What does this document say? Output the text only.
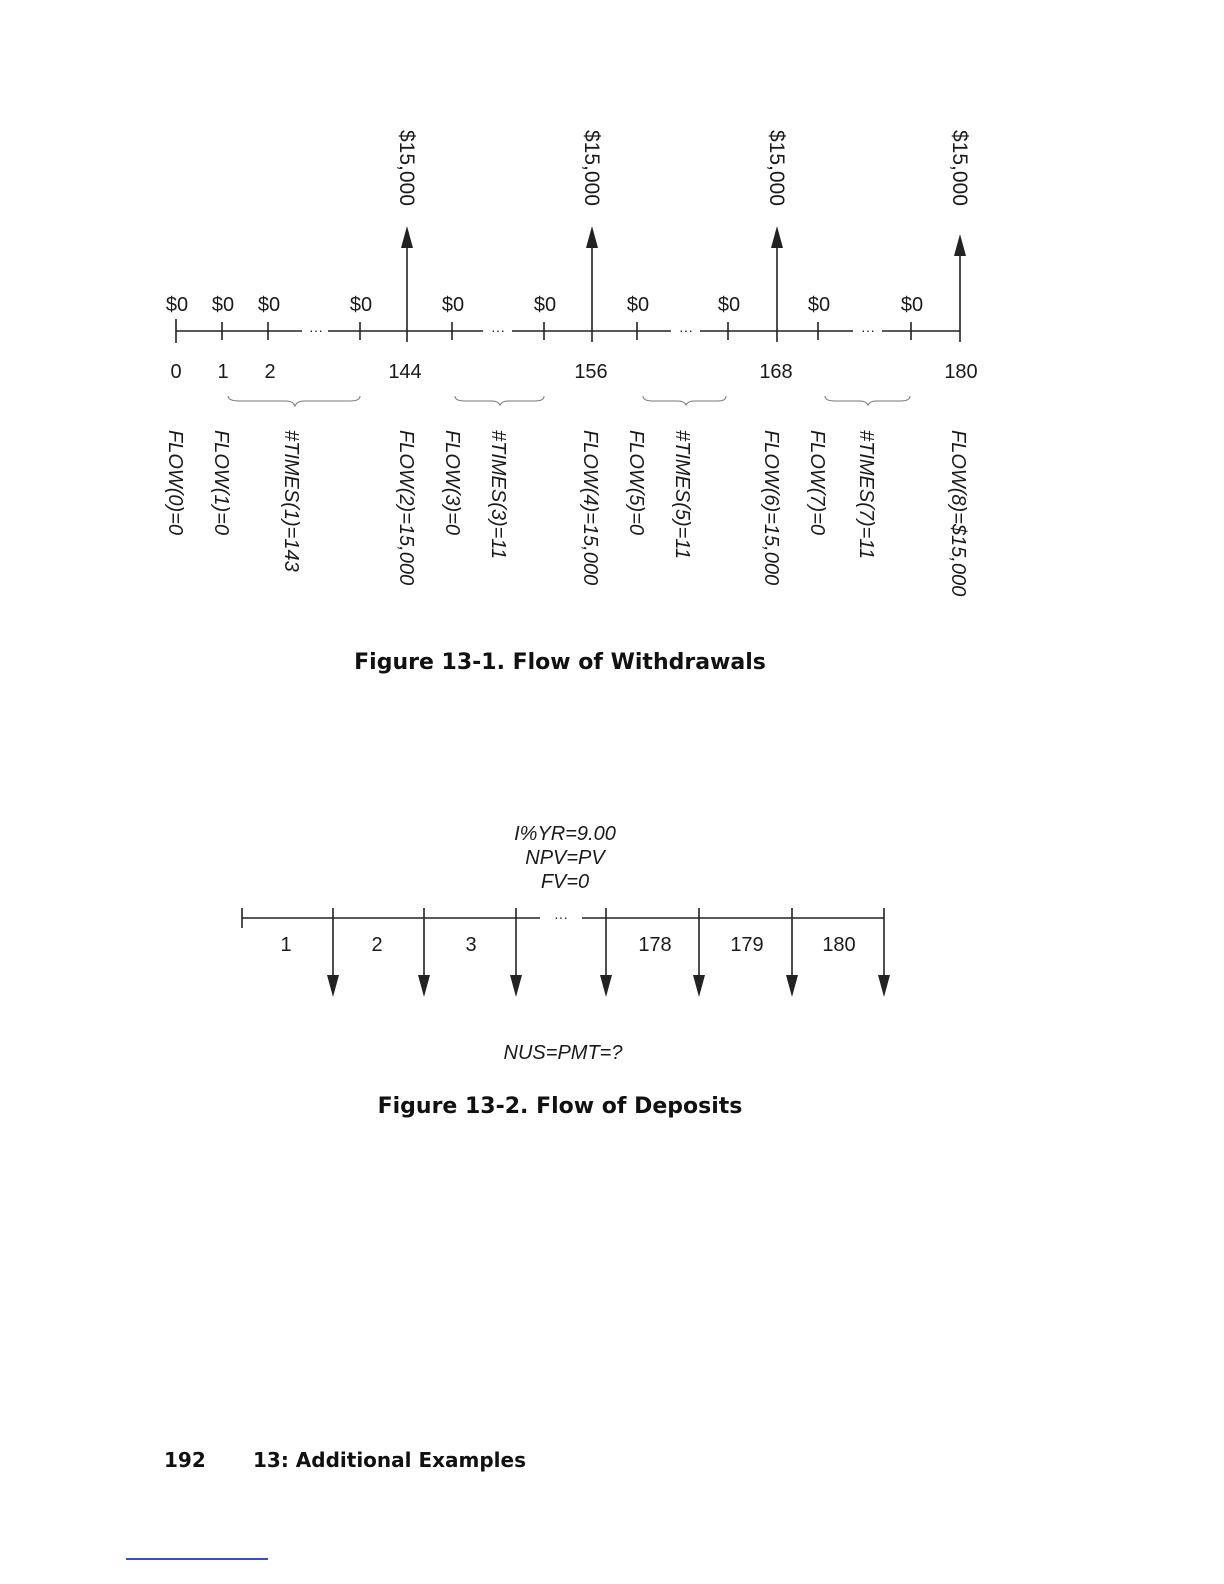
···	···	···	···
$0 $0 $0	$0	$0	$0	$0	$0	$0	$0
$15,000	$15,000	$15,000	$15,000
0 1 2	144	156	168	180
FLOW(0)=0 FLOW(1)=0 #TIMES(1)=143	FLOW(2)=15,000 FLOW(3)=0 #TIMES(3)=11	FLOW(4)=15,000 FLOW(5)=0 #TIMES(5)=11	FLOW(6)=15,000 FLOW(7)=0 #TIMES(7)=11	FLOW(8)=$15,000
Figure 13-1. Flow of Withdrawals
I%YR=9.00
NPV=PV
FV=0
···
1	2	3	178	179	180
NUS=PMT=?
Figure 13-2. Flow of Deposits
192 13: Additional Examples
